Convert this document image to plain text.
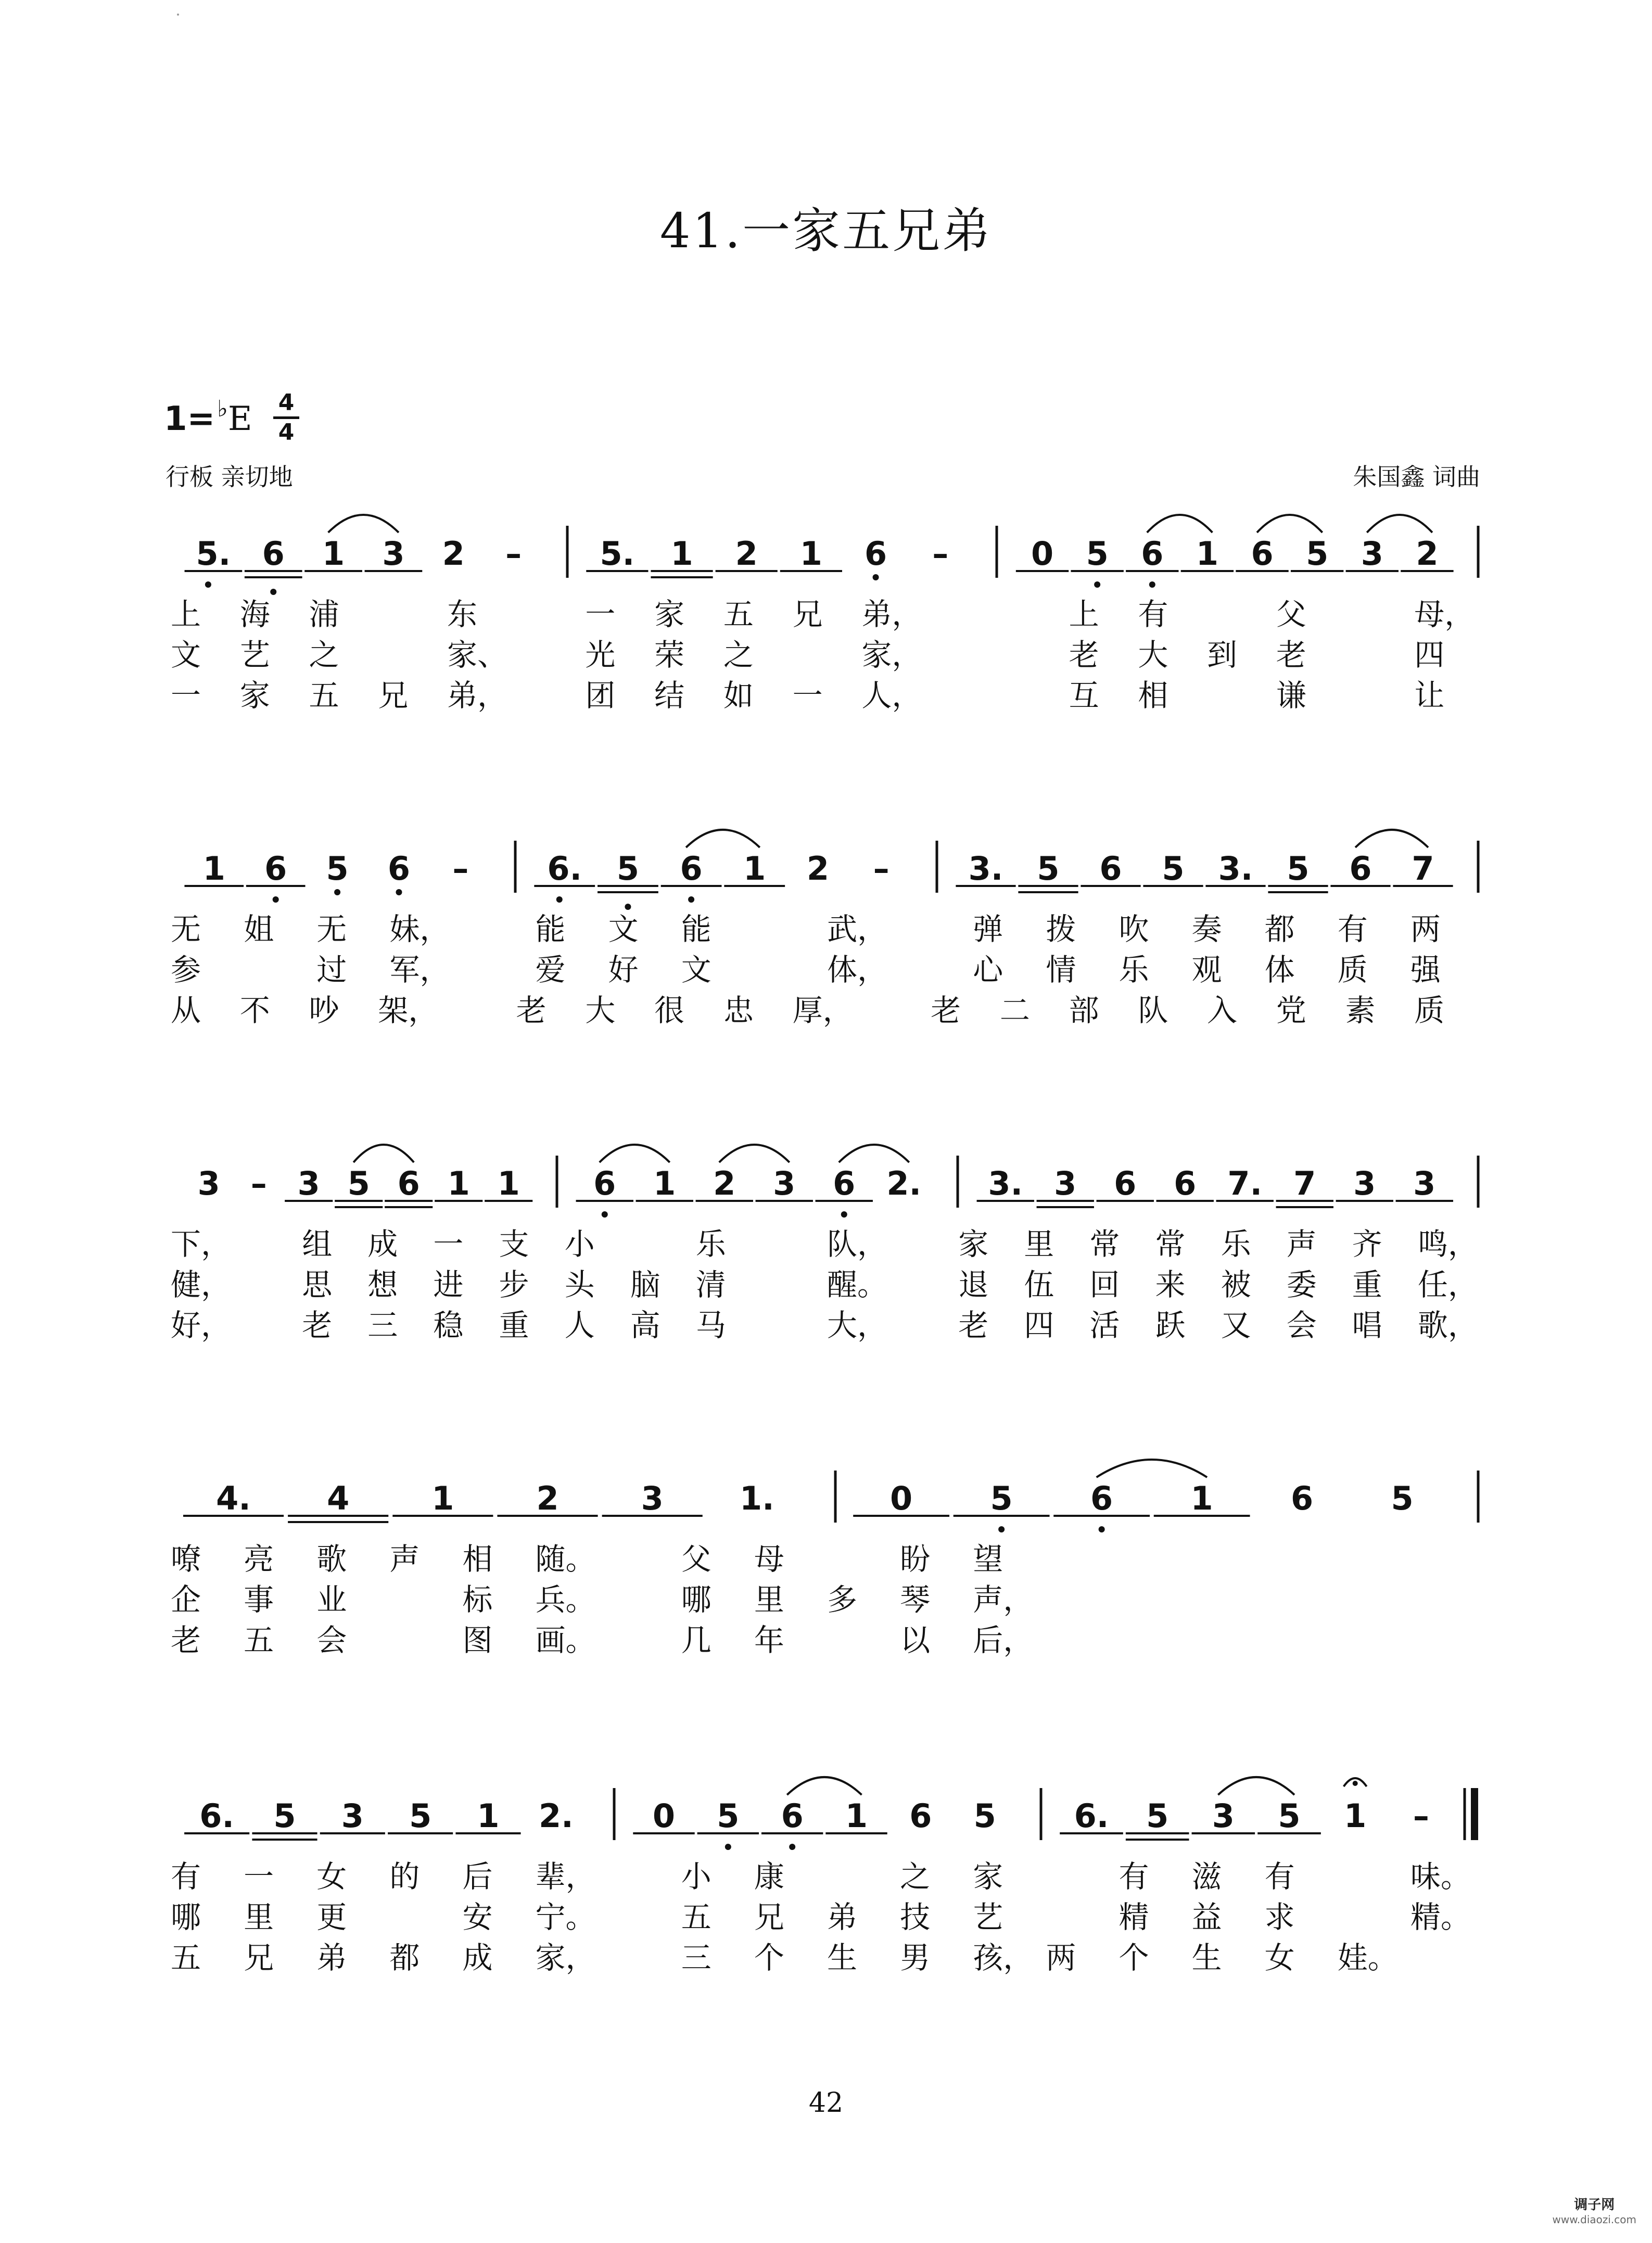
41.一家五兄弟
1=♭E 4
4
行板 亲切地	朱国鑫 词曲
5. 6 1 3 2 – 5. 1 2 1 6 –	0 5 6 1 6 5 3 2
上 海 浦	东	一 家 五 兄 弟，	上 有	父	母，
文 艺 之	家、	光 荣 之	家，	老 大 到 老	四
一 家 五 兄 弟，	团 结 如 一 人，	互 相	谦	让
1 6 5 6 – 6. 5 6 1 2 – 3. 5 6 5 3. 5 6 7
无 姐 无 妹，	能 文 能	武，	弹 拨 吹 奏 都 有 两
参	过 军，	爱 好 文	体，	心 情 乐 观 体 质 强
从 不 吵 架，	老 大 很 忠 厚，	老 二 部 队 入 党 素 质
3 – 3 5 6 1 1 6 1 2 3 6 2. 3. 3 6 6 7. 7 3 3
下， 组 成 一 支 小	乐	队， 家 里 常 常 乐 声 齐 鸣，
健， 思 想 进 步 头 脑 清	醒。 退 伍 回 来 被 委 重 任，
好， 老 三 稳 重 人 高 马	大， 老 四 活 跃 又 会 唱 歌，
4. 4	1	2	3 1.	0 5 6 1 6 5
嘹 亮 歌 声 相 随。	父 母	盼 望
企 事 业	标 兵。	哪 里 多 琴 声，
老 五 会	图 画。	几 年	以 后，
6. 5 3 5 1 2. 0 5 6 1 6 5 6. 5 3 5 1 –
有 一 女 的 后 辈，	小 康	之 家	有 滋 有	味。
哪 里 更	安 宁。	五 兄 弟 技 艺	精 益 求	精。
五 兄 弟 都 成 家，	三 个 生 男 孩， 两 个 生 女 娃。
42
调子网
www.diaozi.com
